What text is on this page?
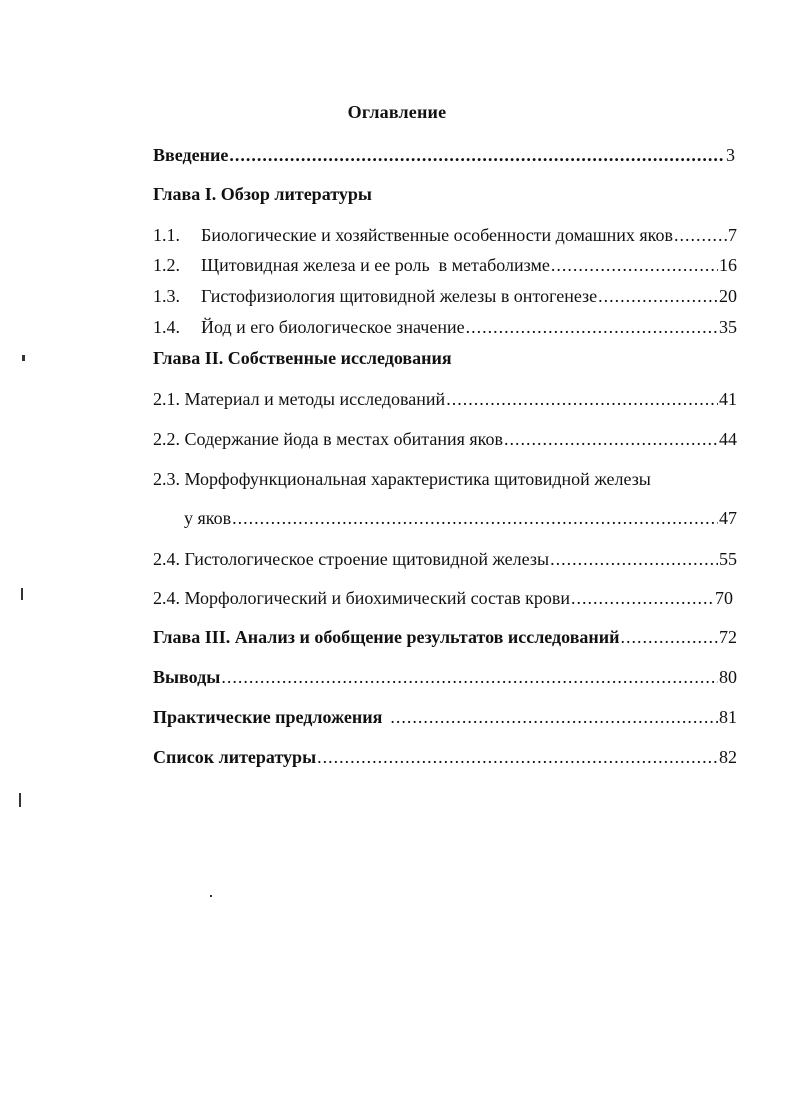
Оглавление
Введение .....	3
Глава I. Обзор литературы
1.1. Биологические и хозяйственные особенности домашних яков .....	7
1.2. Щитовидная железа и ее роль  в метаболизме .....	16
1.3. Гистофизиология щитовидной железы в онтогенезе .....	20
1.4. Йод и его биологическое значение .....	35
Глава II. Собственные исследования
2.1. Материал и методы исследований .....	41
2.2. Содержание йода в местах обитания яков .....	44
2.3. Морфофункциональная характеристика щитовидной железы
у яков .....	47
2.4. Гистологическое строение щитовидной железы .....	55
2.4. Морфологический и биохимический состав крови .....	70
Глава III. Анализ и обобщение результатов исследований .....	72
Выводы .....	80
Практические предложения .....	81
Список литературы .....	82
